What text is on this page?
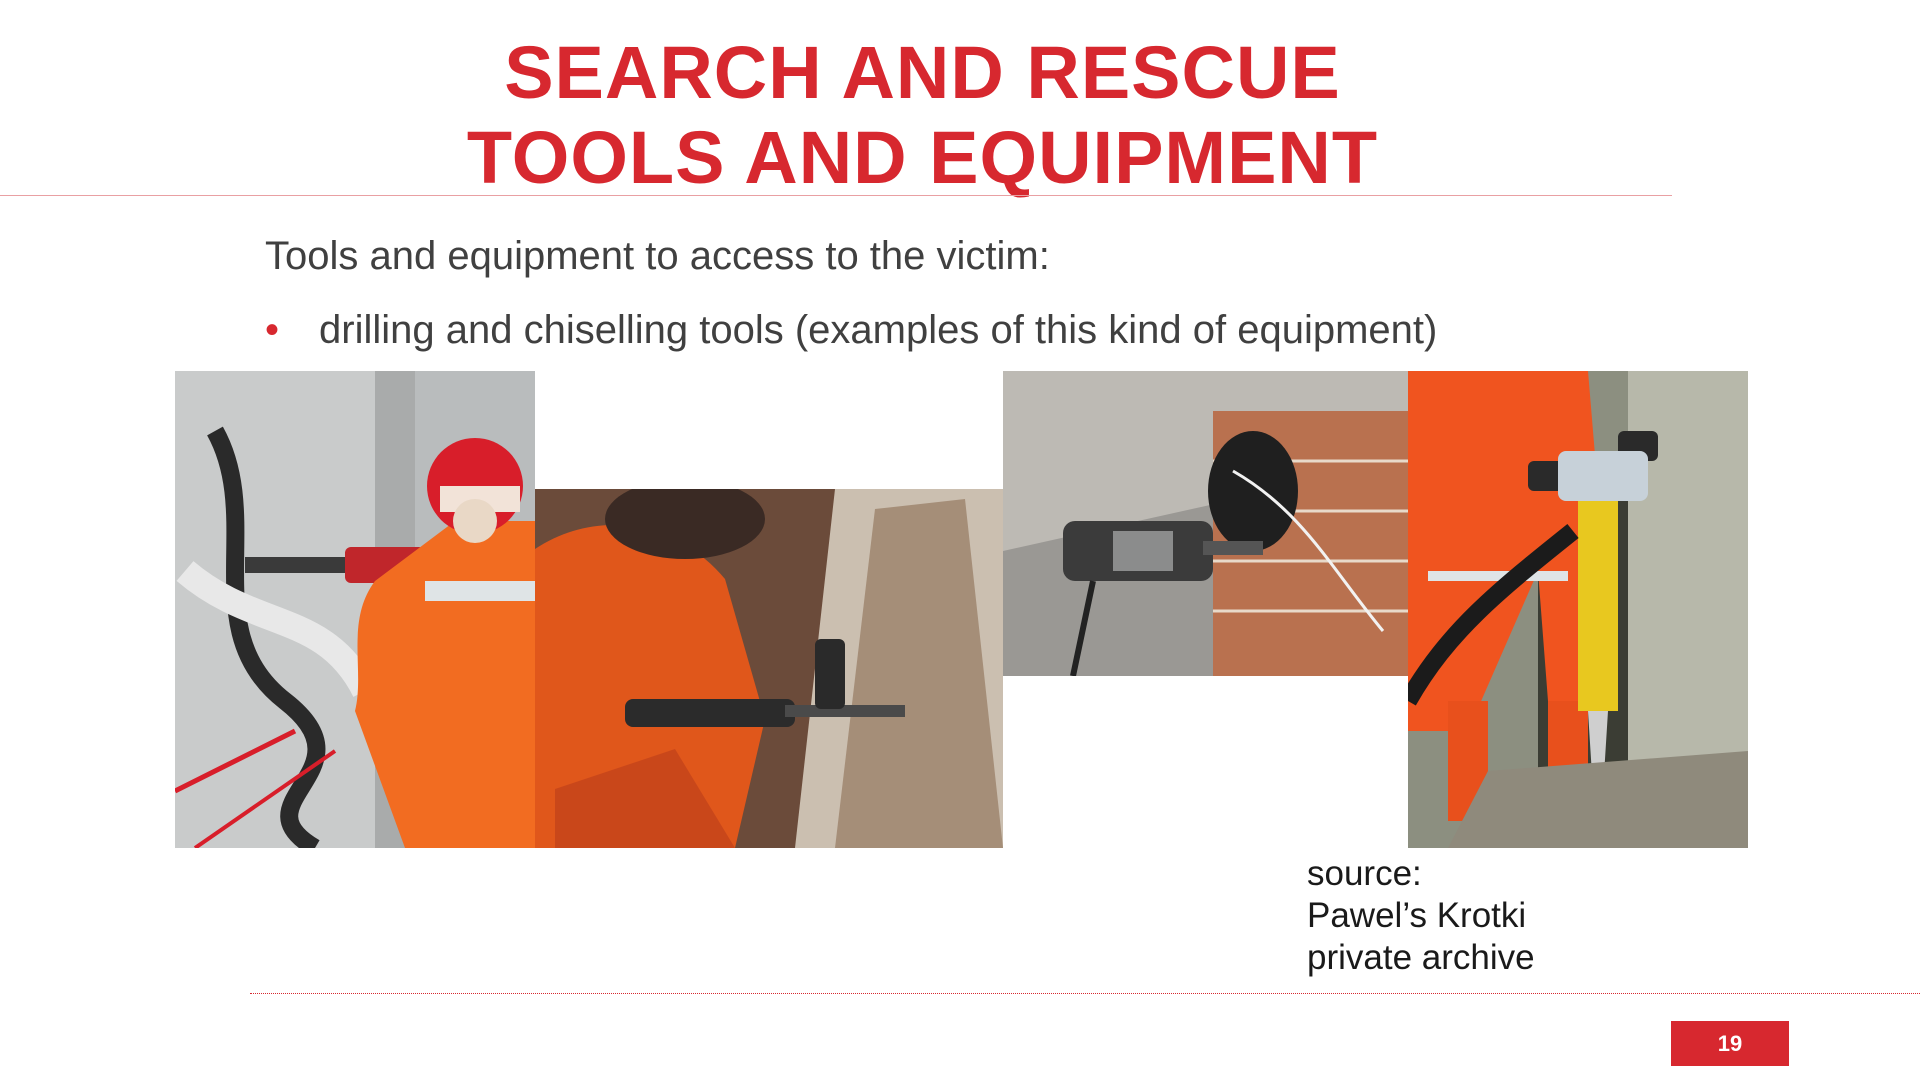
SEARCH AND RESCUE
TOOLS AND EQUIPMENT
Tools and equipment to access to the victim:
• drilling and chiselling tools (examples of this kind of equipment)
source:
Pawel’s Krotki
private archive
19
